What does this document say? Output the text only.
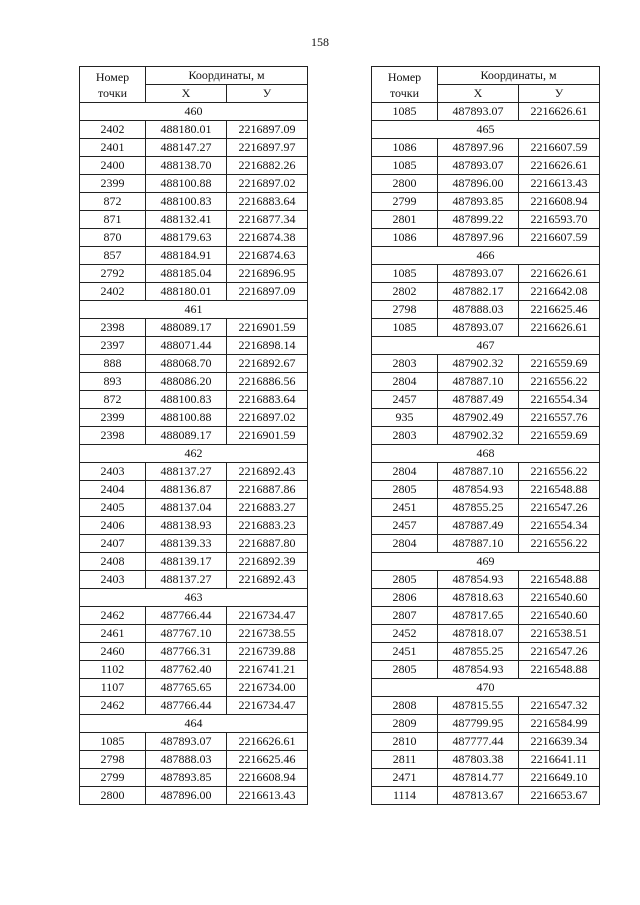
158
Номер
точки	Координаты, м	
	X	У
460		
2402	488180.01	2216897.09
2401	488147.27	2216897.97
2400	488138.70	2216882.26
2399	488100.88	2216897.02
872	488100.83	2216883.64
871	488132.41	2216877.34
870	488179.63	2216874.38
857	488184.91	2216874.63
2792	488185.04	2216896.95
2402	488180.01	2216897.09
461		
2398	488089.17	2216901.59
2397	488071.44	2216898.14
888	488068.70	2216892.67
893	488086.20	2216886.56
872	488100.83	2216883.64
2399	488100.88	2216897.02
2398	488089.17	2216901.59
462		
2403	488137.27	2216892.43
2404	488136.87	2216887.86
2405	488137.04	2216883.27
2406	488138.93	2216883.23
2407	488139.33	2216887.80
2408	488139.17	2216892.39
2403	488137.27	2216892.43
463		
2462	487766.44	2216734.47
2461	487767.10	2216738.55
2460	487766.31	2216739.88
1102	487762.40	2216741.21
1107	487765.65	2216734.00
2462	487766.44	2216734.47
464		
1085	487893.07	2216626.61
2798	487888.03	2216625.46
2799	487893.85	2216608.94
2800	487896.00	2216613.43
Номер
точки	Координаты, м	
	X	У
1085	487893.07	2216626.61
465		
1086	487897.96	2216607.59
1085	487893.07	2216626.61
2800	487896.00	2216613.43
2799	487893.85	2216608.94
2801	487899.22	2216593.70
1086	487897.96	2216607.59
466		
1085	487893.07	2216626.61
2802	487882.17	2216642.08
2798	487888.03	2216625.46
1085	487893.07	2216626.61
467		
2803	487902.32	2216559.69
2804	487887.10	2216556.22
2457	487887.49	2216554.34
935	487902.49	2216557.76
2803	487902.32	2216559.69
468		
2804	487887.10	2216556.22
2805	487854.93	2216548.88
2451	487855.25	2216547.26
2457	487887.49	2216554.34
2804	487887.10	2216556.22
469		
2805	487854.93	2216548.88
2806	487818.63	2216540.60
2807	487817.65	2216540.60
2452	487818.07	2216538.51
2451	487855.25	2216547.26
2805	487854.93	2216548.88
470		
2808	487815.55	2216547.32
2809	487799.95	2216584.99
2810	487777.44	2216639.34
2811	487803.38	2216641.11
2471	487814.77	2216649.10
1114	487813.67	2216653.67
